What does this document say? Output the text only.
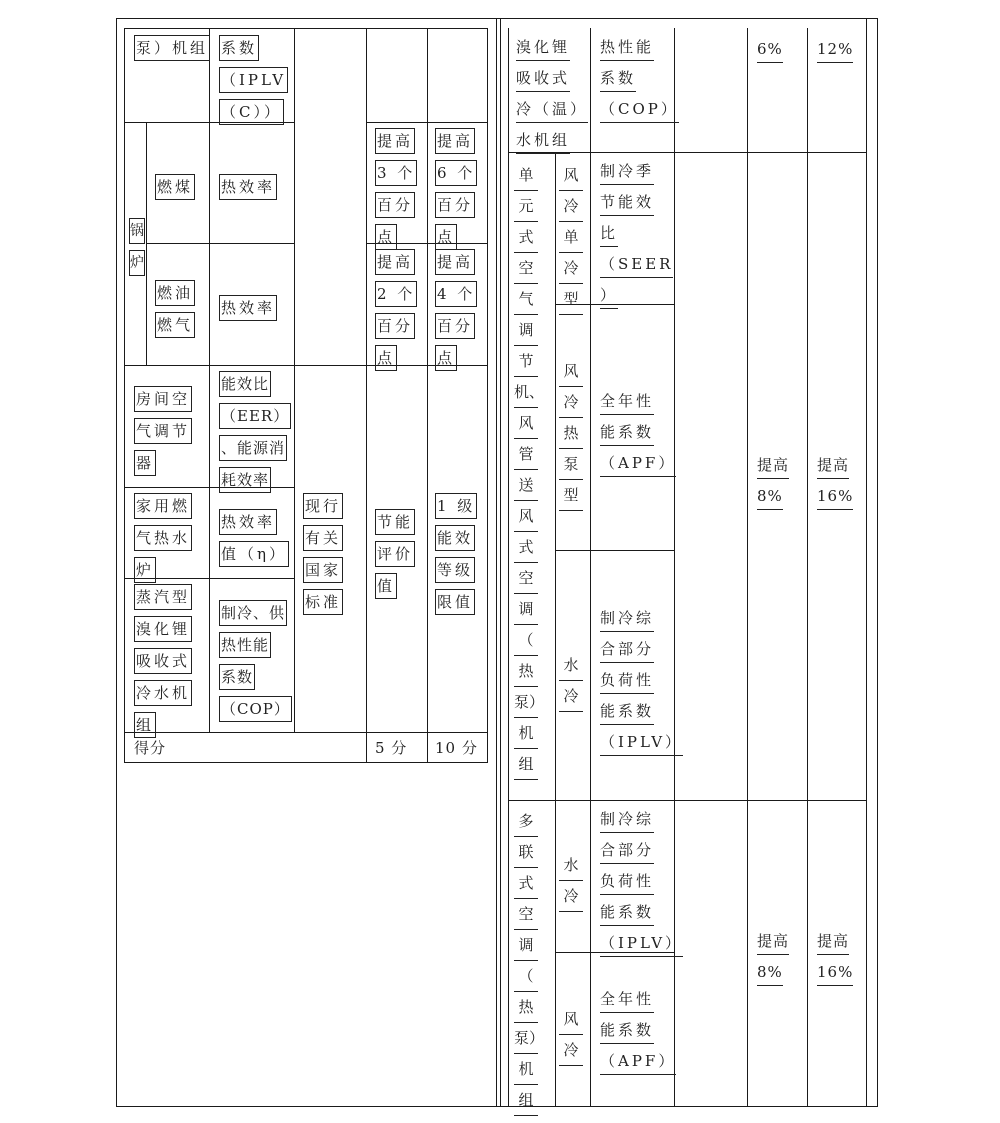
泵）机组 系数
（IPLV
（C））
锅
炉
燃煤 热效率
提高
3 个
百分
点
提高
6 个
百分
点
燃油
燃气
热效率
提高
2 个
百分
点
提高
4 个
百分
点
房间空
气调节
器
能效比
（EER）
、能源消
耗效率
家用燃
气热水
炉
热效率
值（η）
现行
有关
国家
标准
节能
评价
值
1 级
能效
等级
限值
蒸汽型
溴化锂
吸收式
冷水机
组
制冷、供
热性能
系数
（COP）
得分	5 分 10 分
溴化锂
吸收式
冷（温）
水机组
热性能
系数
（COP）
6% 12%
单
元
式
空
气
调
节
机、
风
管
送
风
式
空
调
（
热
泵）
机
组
风
冷
单
冷
型
制冷季
节能效
比
（SEER
）
风
冷
热
泵
型
全年性
能系数
（APF）
水
冷
制冷综
合部分
负荷性
能系数
（IPLV）
提高
8%
提高
16%
多
联
式
空
调
（
热
泵）
机
组
水
冷
制冷综
合部分
负荷性
能系数
（IPLV）
风
冷
全年性
能系数
（APF）
提高
8%
提高
16%
